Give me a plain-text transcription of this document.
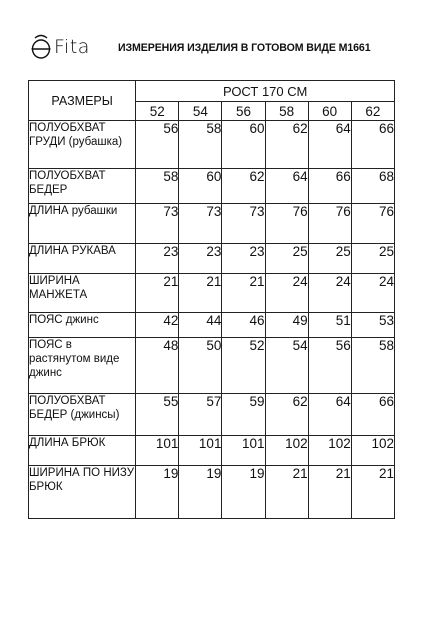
Fita	ИЗМЕРЕНИЯ ИЗДЕЛИЯ В ГОТОВОМ ВИДЕ М1661
РАЗМЕРЫ	РОСТ 170 СМ					
	52	54	56	58	60	62
ПОЛУОБХВАТ ГРУДИ (рубашка)	56	58	60	62	64	66
ПОЛУОБХВАТ БЕДЕР	58	60	62	64	66	68
ДЛИНА рубашки	73	73	73	76	76	76
ДЛИНА РУКАВА	23	23	23	25	25	25
ШИРИНА МАНЖЕТА	21	21	21	24	24	24
ПОЯС джинс	42	44	46	49	51	53
ПОЯС в растянутом виде джинс	48	50	52	54	56	58
ПОЛУОБХВАТ БЕДЕР (джинсы)	55	57	59	62	64	66
ДЛИНА БРЮК	101	101	101	102	102	102
ШИРИНА ПО НИЗУ БРЮК	19	19	19	21	21	21
